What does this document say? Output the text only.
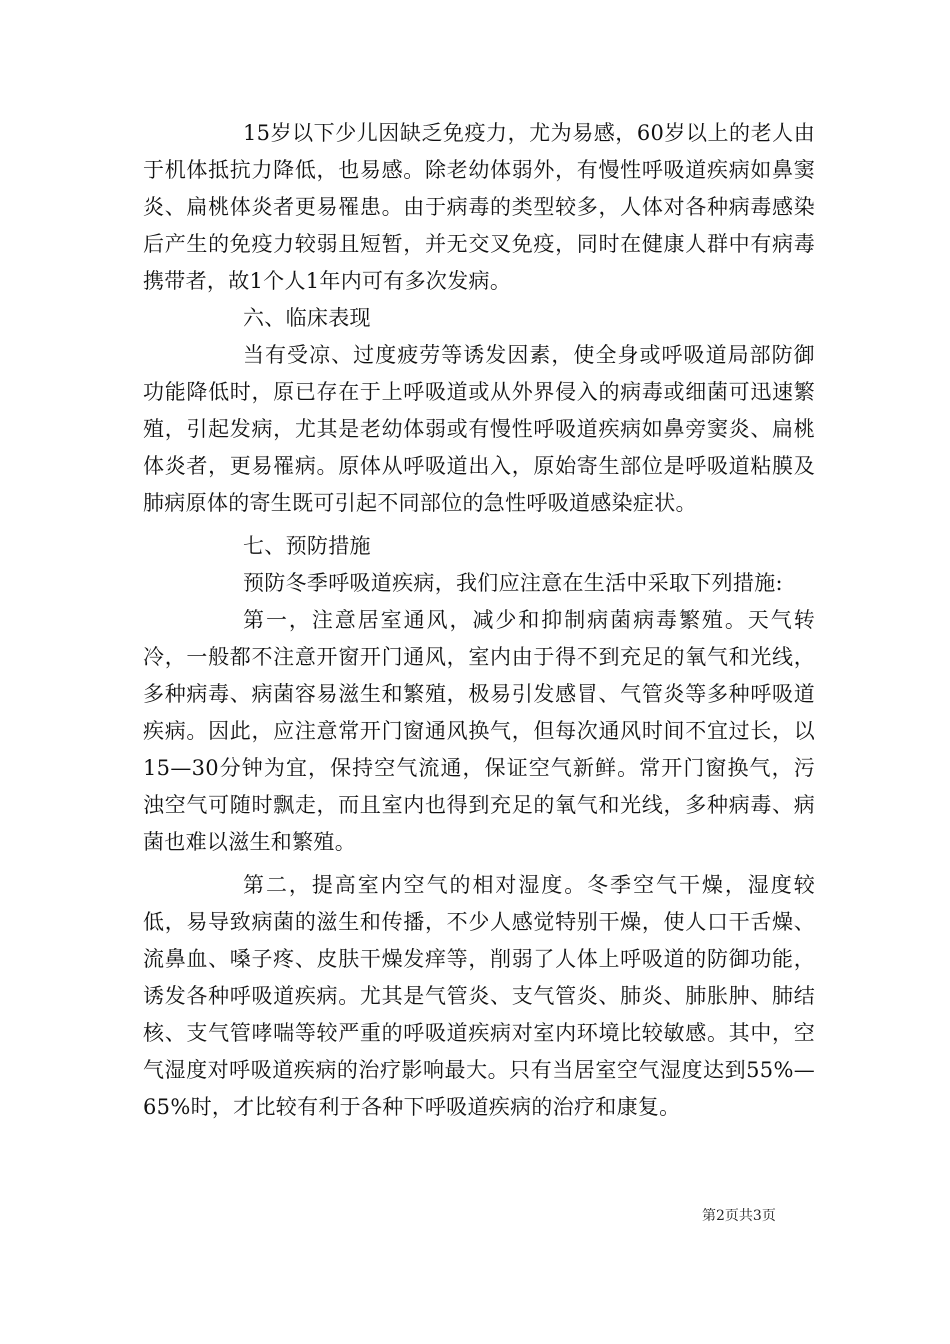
15岁以下少儿因缺乏免疫力，尤为易感，60岁以上的老人由于机体抵抗力降低，也易感。除老幼体弱外，有慢性呼吸道疾病如鼻窦炎、扁桃体炎者更易罹患。由于病毒的类型较多，人体对各种病毒感染后产生的免疫力较弱且短暂，并无交叉免疫，同时在健康人群中有病毒携带者，故1个人1年内可有多次发病。

六、临床表现

当有受凉、过度疲劳等诱发因素，使全身或呼吸道局部防御功能降低时，原已存在于上呼吸道或从外界侵入的病毒或细菌可迅速繁殖，引起发病，尤其是老幼体弱或有慢性呼吸道疾病如鼻旁窦炎、扁桃体炎者，更易罹病。原体从呼吸道出入，原始寄生部位是呼吸道粘膜及肺病原体的寄生既可引起不同部位的急性呼吸道感染症状。

七、预防措施

预防冬季呼吸道疾病，我们应注意在生活中采取下列措施:

第一，注意居室通风，减少和抑制病菌病毒繁殖。天气转冷，一般都不注意开窗开门通风，室内由于得不到充足的氧气和光线，多种病毒、病菌容易滋生和繁殖，极易引发感冒、气管炎等多种呼吸道疾病。因此，应注意常开门窗通风换气，但每次通风时间不宜过长，以15—30分钟为宜，保持空气流通，保证空气新鲜。常开门窗换气，污浊空气可随时飘走，而且室内也得到充足的氧气和光线，多种病毒、病菌也难以滋生和繁殖。

第二，提高室内空气的相对湿度。冬季空气干燥，湿度较低，易导致病菌的滋生和传播，不少人感觉特别干燥，使人口干舌燥、流鼻血、嗓子疼、皮肤干燥发痒等，削弱了人体上呼吸道的防御功能，诱发各种呼吸道疾病。尤其是气管炎、支气管炎、肺炎、肺胀肿、肺结核、支气管哮喘等较严重的呼吸道疾病对室内环境比较敏感。其中，空气湿度对呼吸道疾病的治疗影响最大。只有当居室空气湿度达到55%—65%时，才比较有利于各种下呼吸道疾病的治疗和康复。

第2页共3页
